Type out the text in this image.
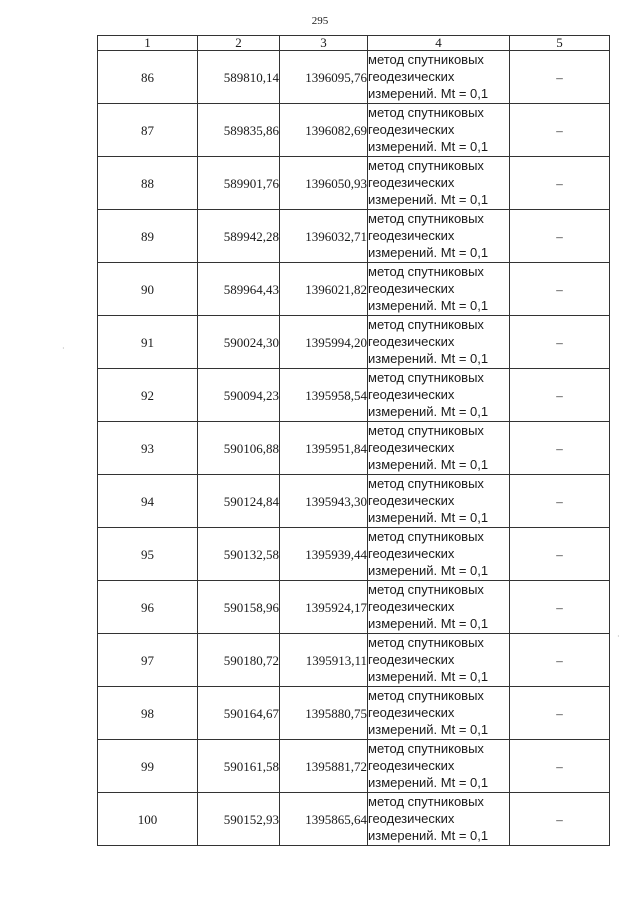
295
1	2	3	4	5
86	589810,14	1396095,76	метод спутниковых
геодезических
измерений. Mt = 0,1	–
87	589835,86	1396082,69	метод спутниковых
геодезических
измерений. Mt = 0,1	–
88	589901,76	1396050,93	метод спутниковых
геодезических
измерений. Mt = 0,1	–
89	589942,28	1396032,71	метод спутниковых
геодезических
измерений. Mt = 0,1	–
90	589964,43	1396021,82	метод спутниковых
геодезических
измерений. Mt = 0,1	–
91	590024,30	1395994,20	метод спутниковых
геодезических
измерений. Mt = 0,1	–
92	590094,23	1395958,54	метод спутниковых
геодезических
измерений. Mt = 0,1	–
93	590106,88	1395951,84	метод спутниковых
геодезических
измерений. Mt = 0,1	–
94	590124,84	1395943,30	метод спутниковых
геодезических
измерений. Mt = 0,1	–
95	590132,58	1395939,44	метод спутниковых
геодезических
измерений. Mt = 0,1	–
96	590158,96	1395924,17	метод спутниковых
геодезических
измерений. Mt = 0,1	–
97	590180,72	1395913,11	метод спутниковых
геодезических
измерений. Mt = 0,1	–
98	590164,67	1395880,75	метод спутниковых
геодезических
измерений. Mt = 0,1	–
99	590161,58	1395881,72	метод спутниковых
геодезических
измерений. Mt = 0,1	–
100	590152,93	1395865,64	метод спутниковых
геодезических
измерений. Mt = 0,1	–
·
·
